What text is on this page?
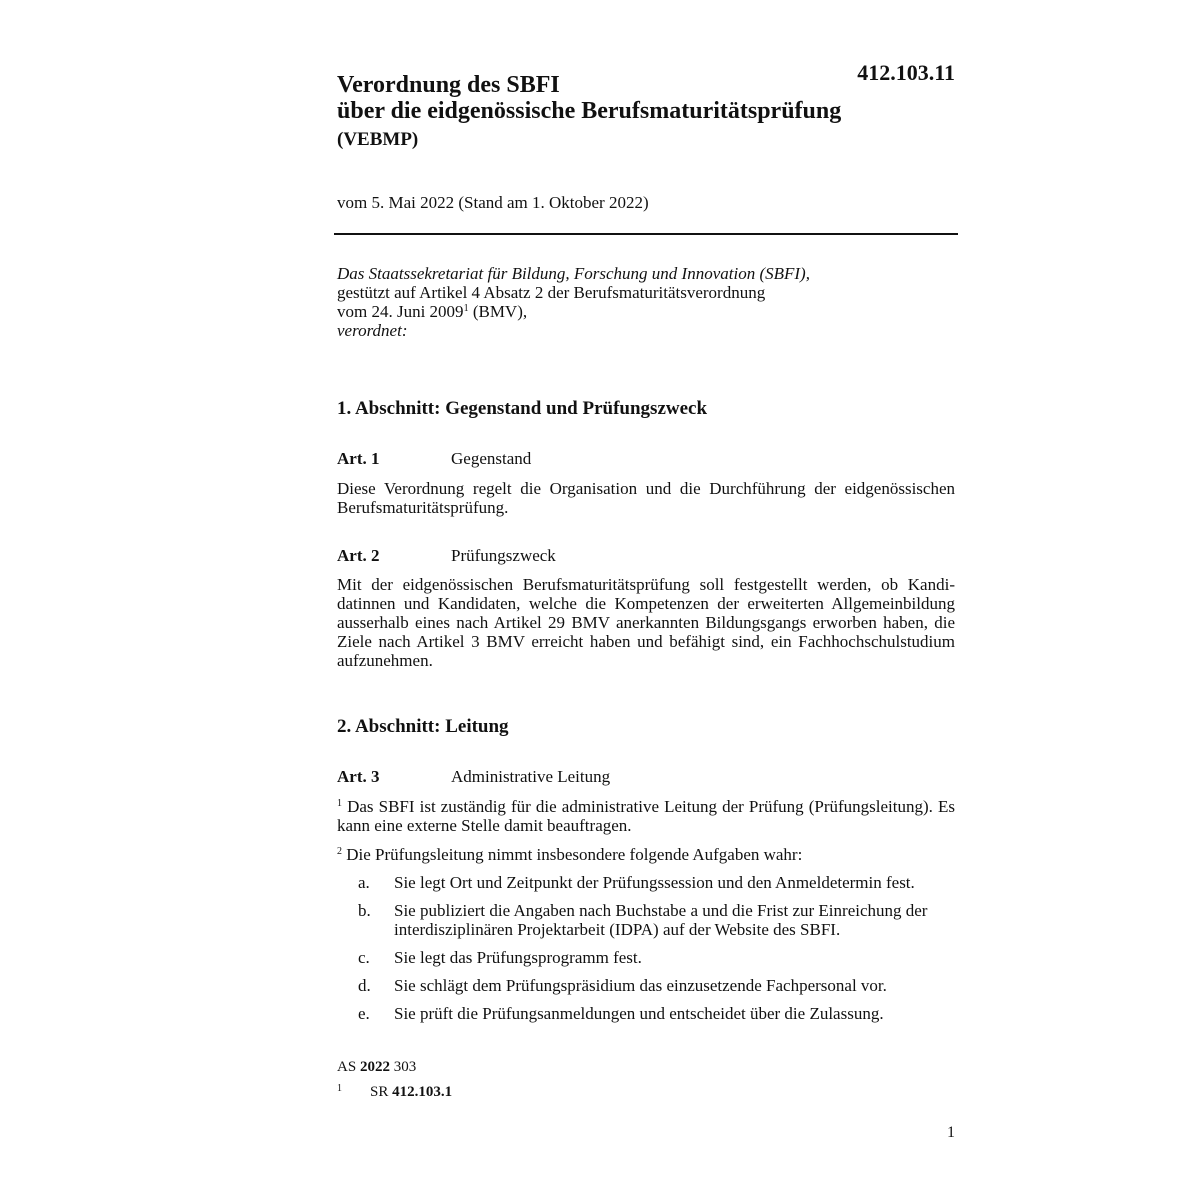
412.103.11
Verordnung des SBFI
über die eidgenössische Berufsmaturitätsprüfung
(VEBMP)
vom 5. Mai 2022 (Stand am 1. Oktober 2022)
Das Staatssekretariat für Bildung, Forschung und Innovation (SBFI),
gestützt auf Artikel 4 Absatz 2 der Berufsmaturitätsverordnung
vom 24. Juni 2009$^1$ (BMV),
verordnet:
1. Abschnitt: Gegenstand und Prüfungszweck
Art. 1	Gegenstand
Diese Verordnung regelt die Organisation und die Durchführung der eidgenössischen Berufsmaturitätsprüfung.
Art. 2	Prüfungszweck
Mit der eidgenössischen Berufsmaturitätsprüfung soll festgestellt werden, ob Kandidatinnen und Kandidaten, welche die Kompetenzen der erweiterten Allgemeinbildung ausserhalb eines nach Artikel 29 BMV anerkannten Bildungsgangs erworben haben, die Ziele nach Artikel 3 BMV erreicht haben und befähigt sind, ein Fachhochschulstudium aufzunehmen.
2. Abschnitt: Leitung
Art. 3	Administrative Leitung
$^1$ Das SBFI ist zuständig für die administrative Leitung der Prüfung (Prüfungsleitung). Es kann eine externe Stelle damit beauftragen.
$^2$ Die Prüfungsleitung nimmt insbesondere folgende Aufgaben wahr:
a. Sie legt Ort und Zeitpunkt der Prüfungssession und den Anmeldetermin fest.
b. Sie publiziert die Angaben nach Buchstabe a und die Frist zur Einreichung der interdisziplinären Projektarbeit (IDPA) auf der Website des SBFI.
c. Sie legt das Prüfungsprogramm fest.
d. Sie schlägt dem Prüfungspräsidium das einzusetzende Fachpersonal vor.
e. Sie prüft die Prüfungsanmeldungen und entscheidet über die Zulassung.
AS 2022 303
1 SR 412.103.1
1
